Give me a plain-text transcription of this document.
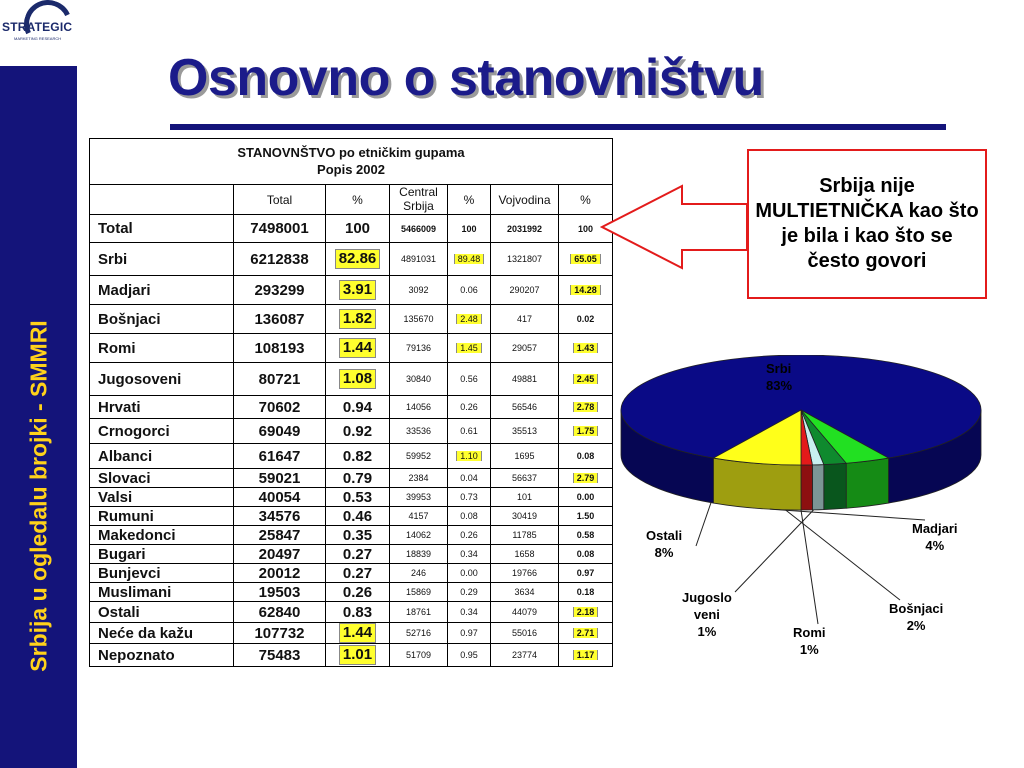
STRATEGIC
MARKETING RESEARCH
Srbija u ogledalu brojki - SMMRI
Osnovno o stanovništvu
STANOVNŠTVO po etničkim gupama
Popis 2002						

	Total	%	Central Srbija	%	Vojvodina	%
Total	7498001	100	5466009	100	2031992	100
Srbi	6212838	82.86	4891031	89.48	1321807	65.05
Madjari	293299	3.91	3092	0.06	290207	14.28
Bošnjaci	136087	1.82	135670	2.48	417	0.02
Romi	108193	1.44	79136	1.45	29057	1.43
Jugosoveni	80721	1.08	30840	0.56	49881	2.45
Hrvati	70602	0.94	14056	0.26	56546	2.78
Crnogorci	69049	0.92	33536	0.61	35513	1.75
Albanci	61647	0.82	59952	1.10	1695	0.08
Slovaci	59021	0.79	2384	0.04	56637	2.79
Valsi	40054	0.53	39953	0.73	101	0.00
Rumuni	34576	0.46	4157	0.08	30419	1.50
Makedonci	25847	0.35	14062	0.26	11785	0.58
Bugari	20497	0.27	18839	0.34	1658	0.08
Bunjevci	20012	0.27	246	0.00	19766	0.97
Muslimani	19503	0.26	15869	0.29	3634	0.18
Ostali	62840	0.83	18761	0.34	44079	2.18
Neće da kažu	107732	1.44	52716	0.97	55016	2.71
Nepoznato	75483	1.01	51709	0.95	23774	1.17
Srbija nije MULTIETNIČKA kao što je bila i kao što se često govori
Srbi
83%
Madjari
4%
Bošnjaci
2%
Romi
1%
Jugoslo
veni
1%
Ostali
8%
